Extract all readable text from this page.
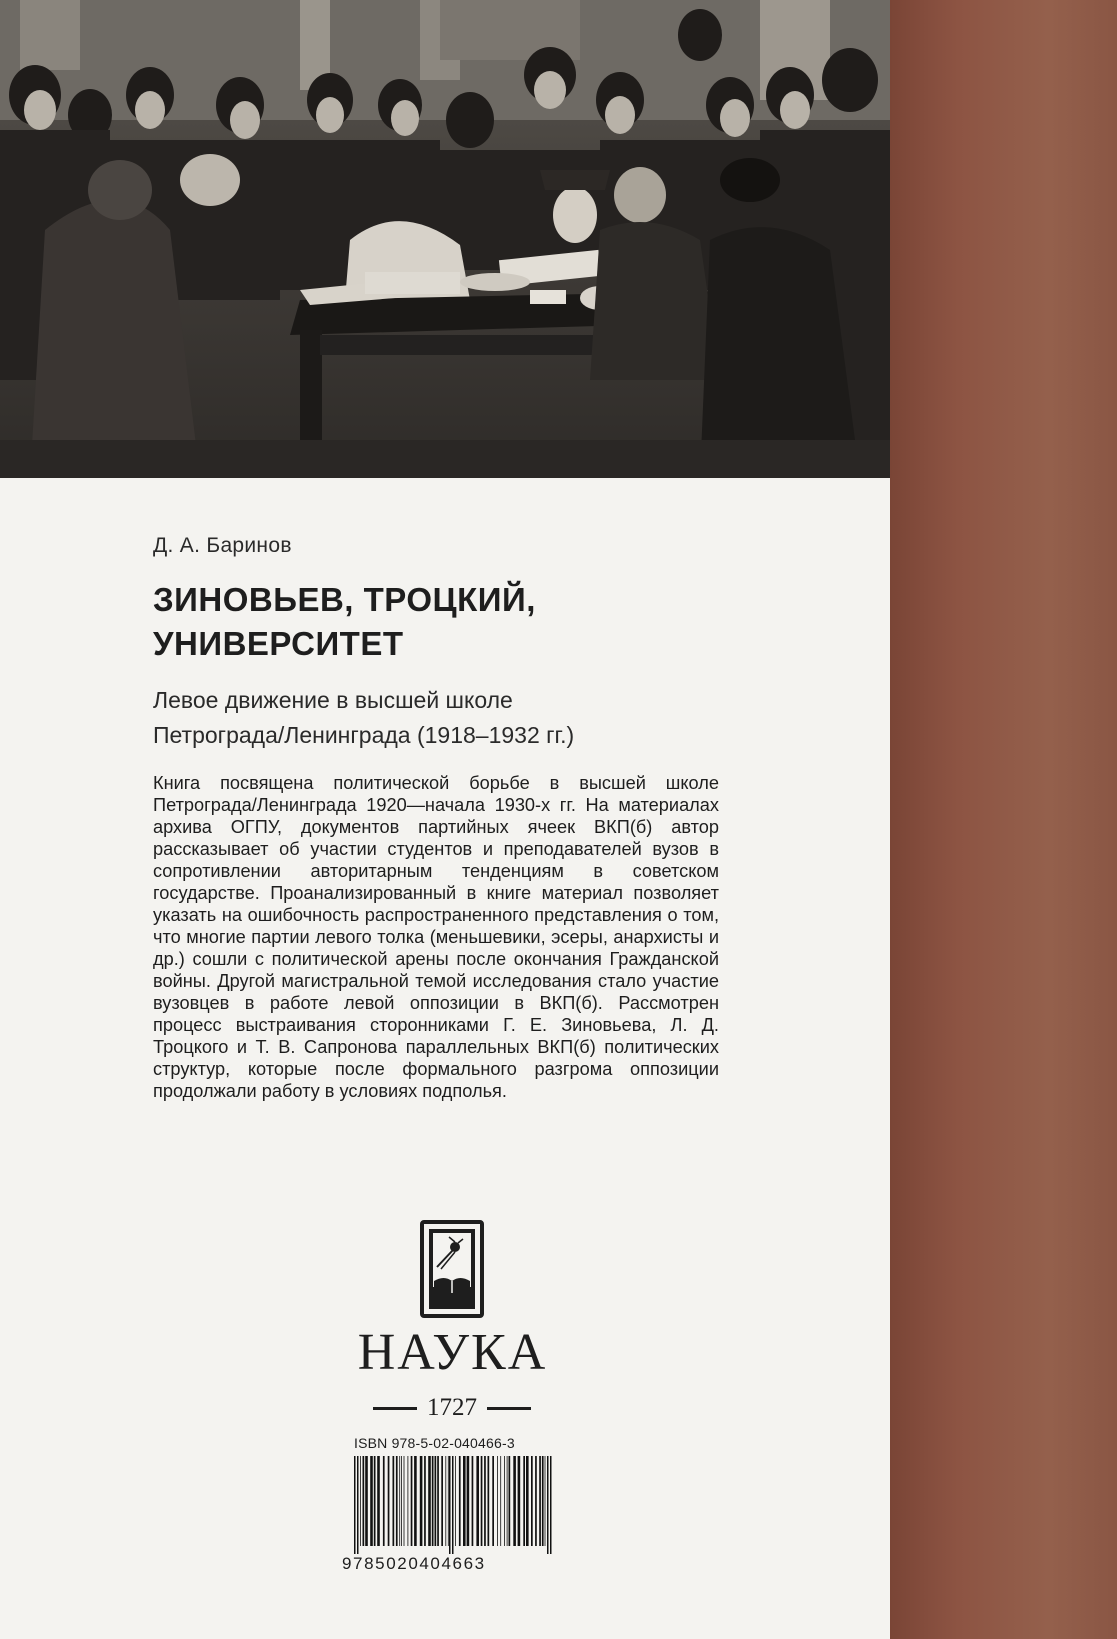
Д. А. Баринов
ЗИНОВЬЕВ, ТРОЦКИЙ,
УНИВЕРСИТЕТ
Левое движение в высшей школе
Петрограда/Ленинграда (1918–1932 гг.)
Книга посвящена политической борьбе в высшей школе Петрограда/Ленинграда 1920—начала 1930-х гг. На материалах архива ОГПУ, документов партийных ячеек ВКП(б) автор рассказывает об участии студентов и преподавателей вузов в сопротивлении авторитарным тенденциям в советском государстве. Проанализированный в книге материал позволяет указать на ошибочность распространенного представления о том, что многие партии левого толка (меньшевики, эсеры, анархисты и др.) сошли с политической арены после окончания Гражданской войны. Другой магистральной темой исследования стало участие вузовцев в работе левой оппозиции в ВКП(б). Рассмотрен процесс выстраивания сторонниками Г. Е. Зиновьева, Л. Д. Троцкого и Т. В. Сапронова параллельных ВКП(б) политических структур, которые после формального разгрома оппозиции продолжали работу в условиях подполья.
НАУКА
1727
ISBN 978-5-02-040466-3
9785020404663
